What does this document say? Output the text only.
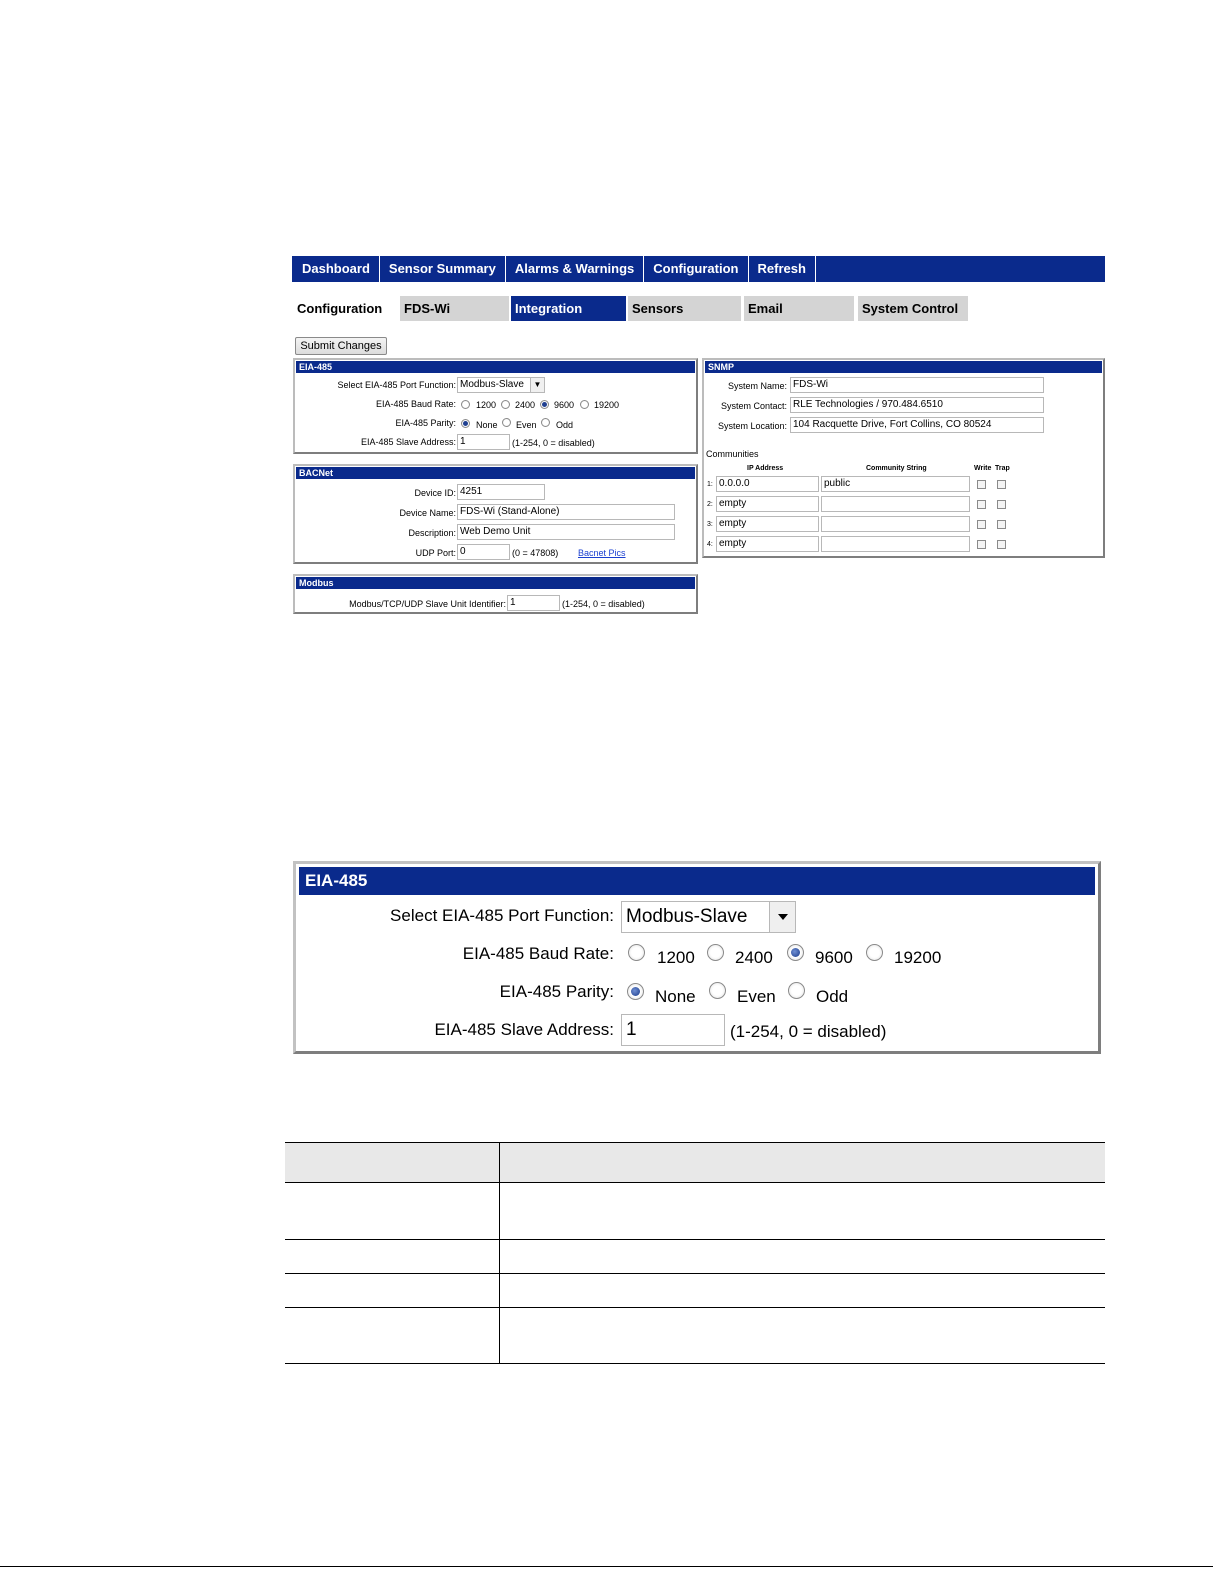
Dashboard	Sensor Summary	Alarms & Warnings	Configuration	Refresh
Configuration	FDS-Wi	Integration	Sensors	Email	System Control
Submit Changes
EIA-485
Select EIA-485 Port Function: Modbus-Slave	▼
EIA-485 Baud Rate: 1200 2400 9600 19200
EIA-485 Parity: None Even Odd
EIA-485 Slave Address: 1	(1-254, 0 = disabled)
BACNet
Device ID: 4251
Device Name: FDS-Wi (Stand-Alone)
Description: Web Demo Unit
UDP Port: 0	(0 = 47808) Bacnet Pics
Modbus
Modbus/TCP/UDP Slave Unit Identifier: 1	(1-254, 0 = disabled)
SNMP
System Name: FDS-Wi
System Contact: RLE Technologies / 970.484.6510
System Location: 104 Racquette Drive, Fort Collins, CO 80524
Communities
IP Address	Community String	Write Trap
1: 0.0.0.0	public
2: empty
3: empty
4: empty
EIA-485
Select EIA-485 Port Function: Modbus-Slave
EIA-485 Baud Rate:	1200 2400 9600 19200
EIA-485 Parity: None Even Odd
EIA-485 Slave Address: 1	(1-254, 0 = disabled)
